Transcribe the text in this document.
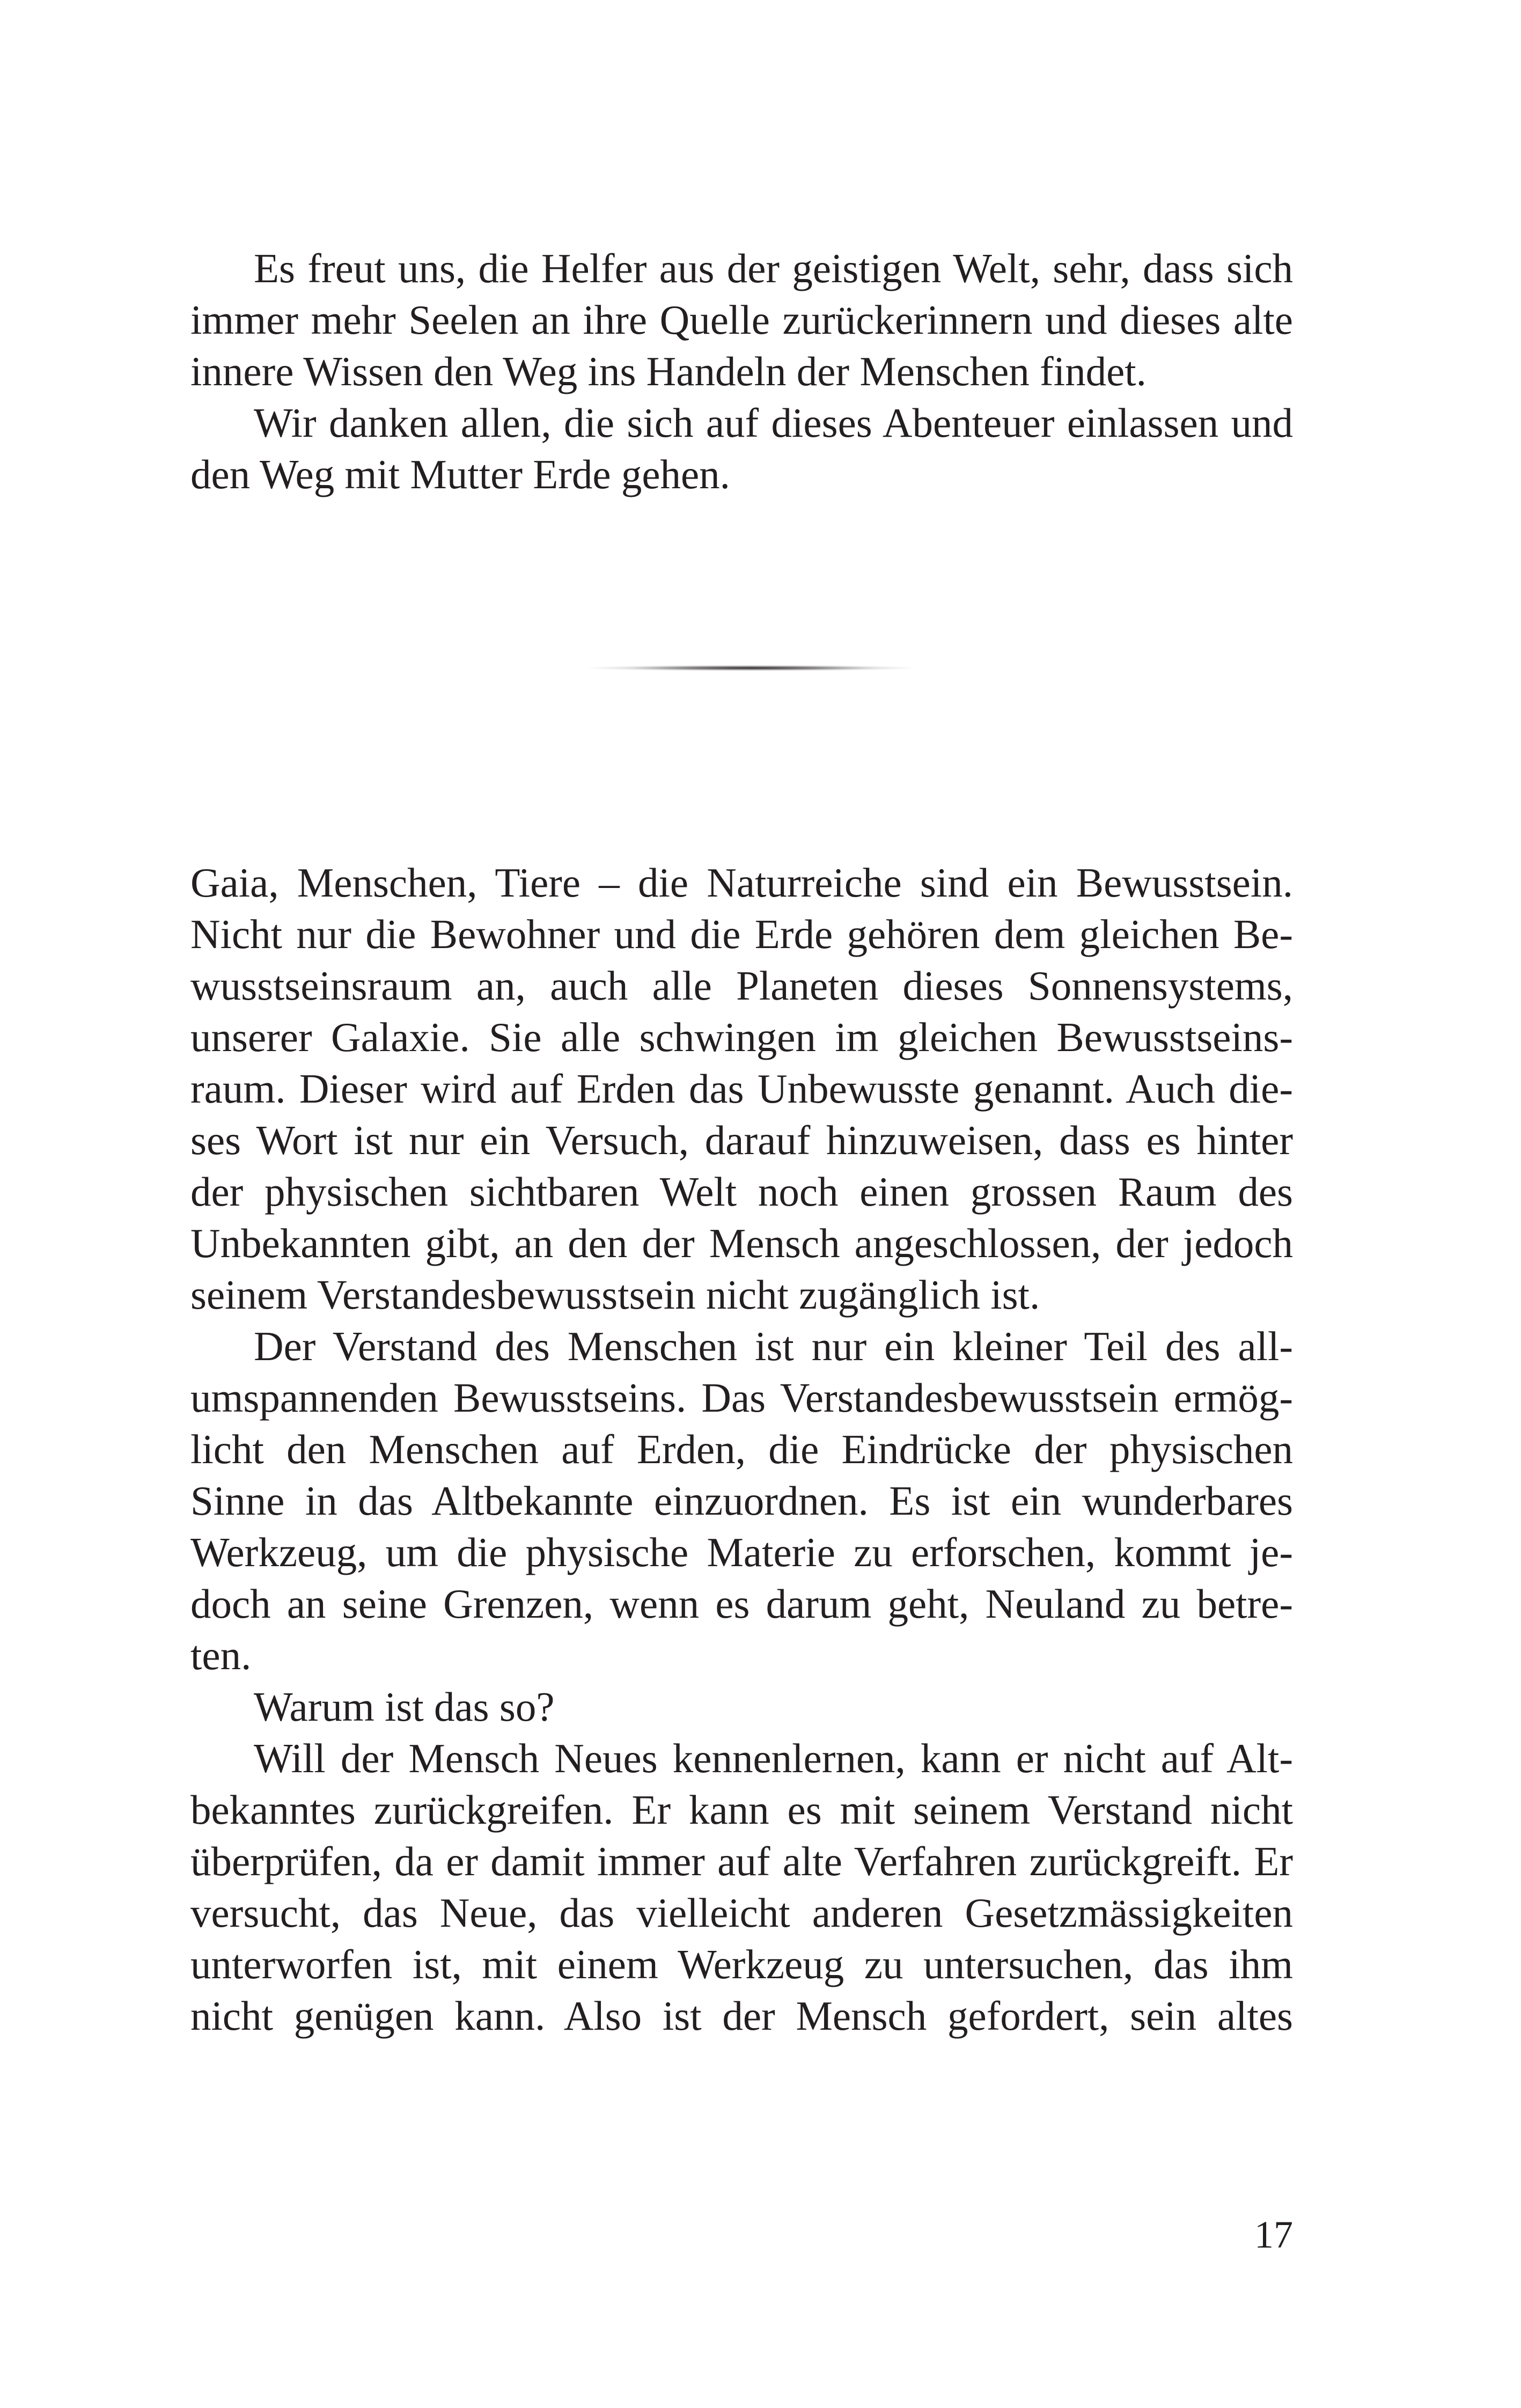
Es freut uns, die Helfer aus der geistigen Welt, sehr, dass sich
immer mehr Seelen an ihre Quelle zurückerinnern und dieses alte
innere Wissen den Weg ins Handeln der Menschen findet.
Wir danken allen, die sich auf dieses Abenteuer einlassen und
den Weg mit Mutter Erde gehen.
Gaia, Menschen, Tiere – die Naturreiche sind ein Bewusstsein.
Nicht nur die Bewohner und die Erde gehören dem gleichen Be-
wusstseinsraum an, auch alle Planeten dieses Sonnensystems,
unserer Galaxie. Sie alle schwingen im gleichen Bewusstseins-
raum. Dieser wird auf Erden das Unbewusste genannt. Auch die-
ses Wort ist nur ein Versuch, darauf hinzuweisen, dass es hinter
der physischen sichtbaren Welt noch einen grossen Raum des
Unbekannten gibt, an den der Mensch angeschlossen, der jedoch
seinem Verstandesbewusstsein nicht zugänglich ist.
Der Verstand des Menschen ist nur ein kleiner Teil des all-
umspannenden Bewusstseins. Das Verstandesbewusstsein ermög-
licht den Menschen auf Erden, die Eindrücke der physischen
Sinne in das Altbekannte einzuordnen. Es ist ein wunderbares
Werkzeug, um die physische Materie zu erforschen, kommt je-
doch an seine Grenzen, wenn es darum geht, Neuland zu betre-
ten.
Warum ist das so?
Will der Mensch Neues kennenlernen, kann er nicht auf Alt-
bekanntes zurückgreifen. Er kann es mit seinem Verstand nicht
überprüfen, da er damit immer auf alte Verfahren zurückgreift. Er
versucht, das Neue, das vielleicht anderen Gesetzmässigkeiten
unterworfen ist, mit einem Werkzeug zu untersuchen, das ihm
nicht genügen kann. Also ist der Mensch gefordert, sein altes
17
